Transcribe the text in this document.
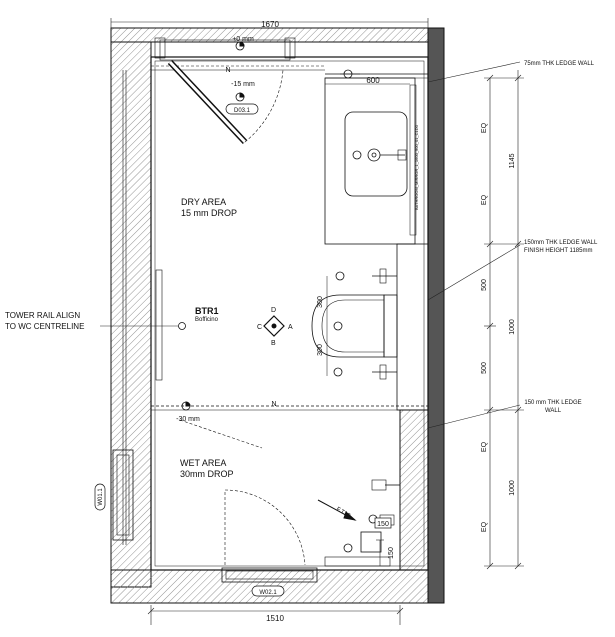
1670
1510
600
EQ
EQ
1145
500
1000
500
EQ
1000
EQ
300
300
150
150
+0 mm
-15 mm
-30 mm
75mm THK LEDGE WALL
150mm THK LEDGE WALL
FINISH HEIGHT 1185mm
150 mm THK LEDGE
WALL
TOWER RAIL ALIGN
TO WC CENTRELINE
BATHROOM_MIRROR_1_1600_900_01_C1D0
F.T10
DRY AREA
15 mm DROP
WET AREA
30mm DROP
D03.1
W02.1
W01.1
BTR1
Bofficino
A
B
C
D
N
N
